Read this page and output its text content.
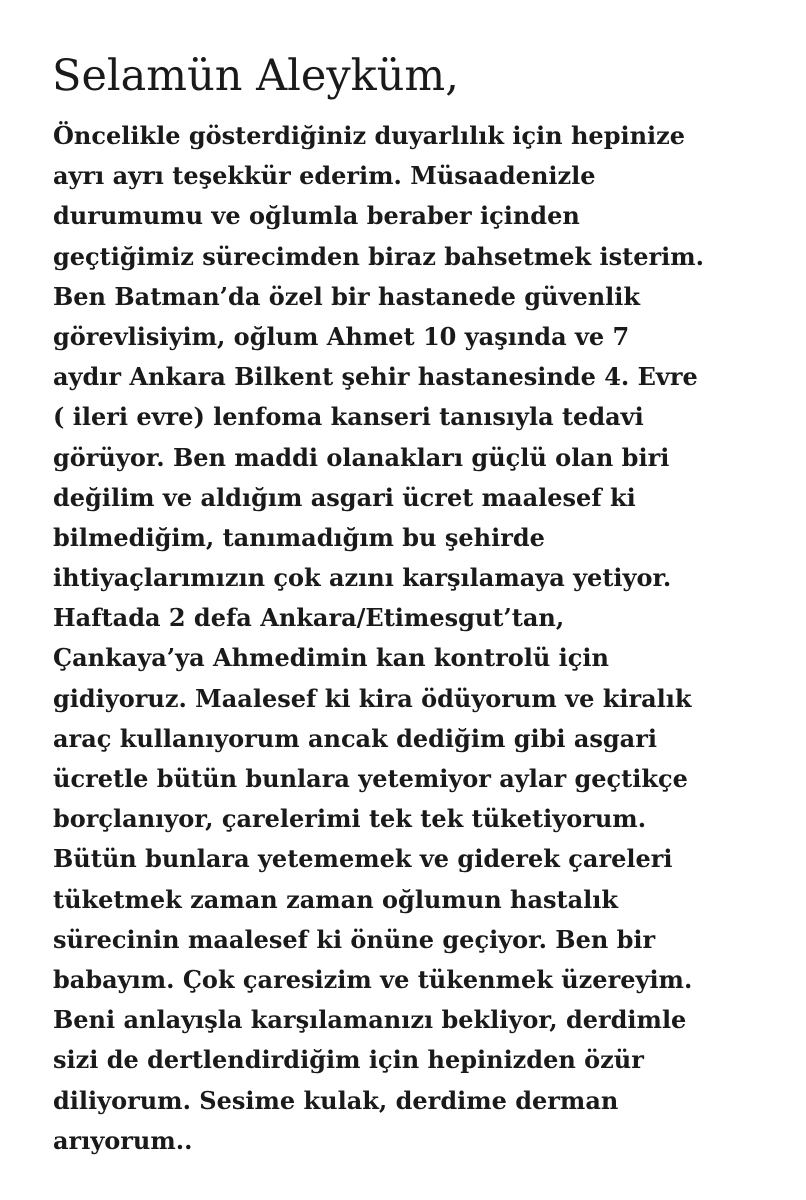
Selamün Aleyküm,
Öncelikle gösterdiğiniz duyarlılık için hepinize
ayrı ayrı teşekkür ederim. Müsaadenizle
durumumu ve oğlumla beraber içinden
geçtiğimiz sürecimden biraz bahsetmek isterim.
Ben Batman’da özel bir hastanede güvenlik
görevlisiyim, oğlum Ahmet 10 yaşında ve 7
aydır Ankara Bilkent şehir hastanesinde 4. Evre
( ileri evre) lenfoma kanseri tanısıyla tedavi
görüyor. Ben maddi olanakları güçlü olan biri
değilim ve aldığım asgari ücret maalesef ki
bilmediğim, tanımadığım bu şehirde
ihtiyaçlarımızın çok azını karşılamaya yetiyor.
Haftada 2 defa Ankara/Etimesgut’tan,
Çankaya’ya Ahmedimin kan kontrolü için
gidiyoruz. Maalesef ki kira ödüyorum ve kiralık
araç kullanıyorum ancak dediğim gibi asgari
ücretle bütün bunlara yetemiyor aylar geçtikçe
borçlanıyor, çarelerimi tek tek tüketiyorum.
Bütün bunlara yetememek ve giderek çareleri
tüketmek zaman zaman oğlumun hastalık
sürecinin maalesef ki önüne geçiyor. Ben bir
babayım. Çok çaresizim ve tükenmek üzereyim.
Beni anlayışla karşılamanızı bekliyor, derdimle
sizi de dertlendirdiğim için hepinizden özür
diliyorum. Sesime kulak, derdime derman
arıyorum..
